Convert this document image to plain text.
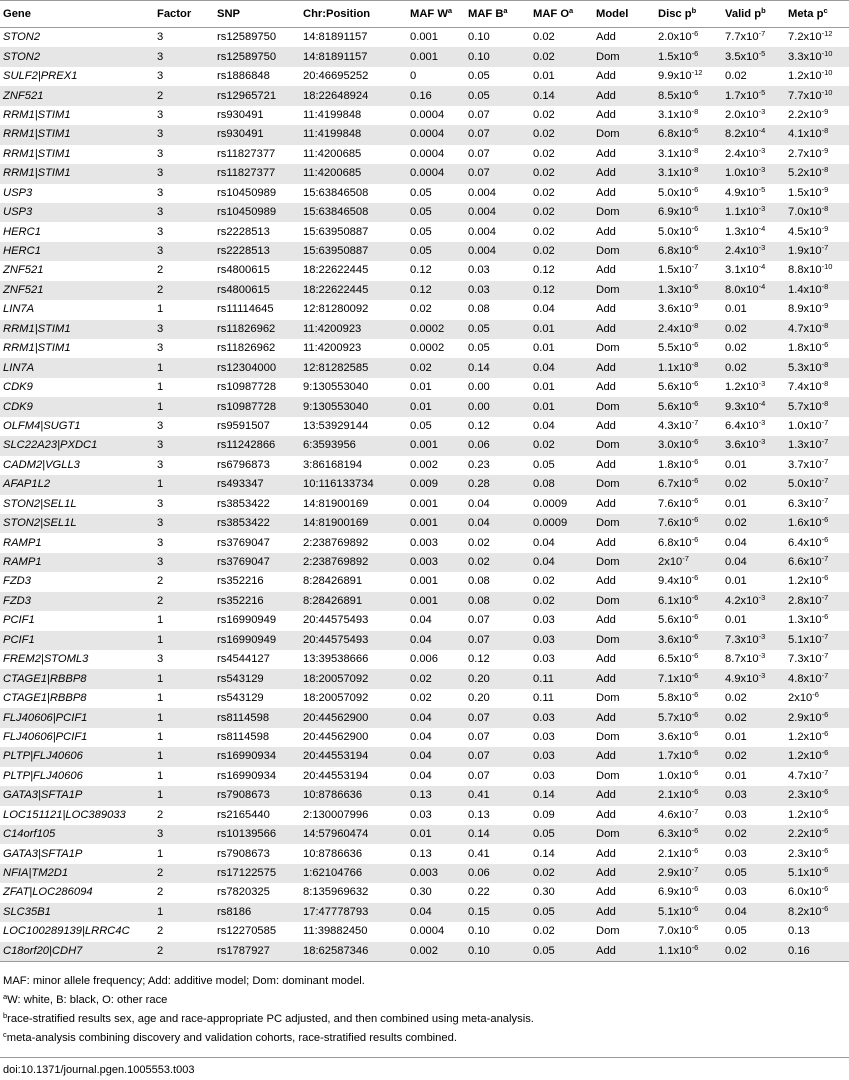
Gene	Factor	SNP	Chr:Position	MAF $W^a$	MAF $B^a$	MAF $O^a$	Model	Disc $p^b$	Valid $p^b$	Meta $p^c$
STON2	3	rs12589750	14:81891157	0.001	0.10	0.02	Add	$2.0x10^{-6}$	$7.7x10^{-7}$	$7.2x10^{-12}$
STON2	3	rs12589750	14:81891157	0.001	0.10	0.02	Dom	$1.5x10^{-6}$	$3.5x10^{-5}$	$3.3x10^{-10}$
SULF2|PREX1	3	rs1886848	20:46695252	0	0.05	0.01	Add	$9.9x10^{-12}$	0.02	$1.2x10^{-10}$
ZNF521	2	rs12965721	18:22648924	0.16	0.05	0.14	Add	$8.5x10^{-6}$	$1.7x10^{-5}$	$7.7x10^{-10}$
RRM1|STIM1	3	rs930491	11:4199848	0.0004	0.07	0.02	Add	$3.1x10^{-8}$	$2.0x10^{-3}$	$2.2x10^{-9}$
RRM1|STIM1	3	rs930491	11:4199848	0.0004	0.07	0.02	Dom	$6.8x10^{-6}$	$8.2x10^{-4}$	$4.1x10^{-8}$
RRM1|STIM1	3	rs11827377	11:4200685	0.0004	0.07	0.02	Add	$3.1x10^{-8}$	$2.4x10^{-3}$	$2.7x10^{-9}$
RRM1|STIM1	3	rs11827377	11:4200685	0.0004	0.07	0.02	Add	$3.1x10^{-8}$	$1.0x10^{-3}$	$5.2x10^{-8}$
USP3	3	rs10450989	15:63846508	0.05	0.004	0.02	Add	$5.0x10^{-6}$	$4.9x10^{-5}$	$1.5x10^{-9}$
USP3	3	rs10450989	15:63846508	0.05	0.004	0.02	Dom	$6.9x10^{-6}$	$1.1x10^{-3}$	$7.0x10^{-8}$
HERC1	3	rs2228513	15:63950887	0.05	0.004	0.02	Add	$5.0x10^{-6}$	$1.3x10^{-4}$	$4.5x10^{-9}$
HERC1	3	rs2228513	15:63950887	0.05	0.004	0.02	Dom	$6.8x10^{-6}$	$2.4x10^{-3}$	$1.9x10^{-7}$
ZNF521	2	rs4800615	18:22622445	0.12	0.03	0.12	Add	$1.5x10^{-7}$	$3.1x10^{-4}$	$8.8x10^{-10}$
ZNF521	2	rs4800615	18:22622445	0.12	0.03	0.12	Dom	$1.3x10^{-6}$	$8.0x10^{-4}$	$1.4x10^{-8}$
LIN7A	1	rs11114645	12:81280092	0.02	0.08	0.04	Add	$3.6x10^{-9}$	0.01	$8.9x10^{-9}$
RRM1|STIM1	3	rs11826962	11:4200923	0.0002	0.05	0.01	Add	$2.4x10^{-8}$	0.02	$4.7x10^{-8}$
RRM1|STIM1	3	rs11826962	11:4200923	0.0002	0.05	0.01	Dom	$5.5x10^{-6}$	0.02	$1.8x10^{-6}$
LIN7A	1	rs12304000	12:81282585	0.02	0.14	0.04	Add	$1.1x10^{-8}$	0.02	$5.3x10^{-8}$
CDK9	1	rs10987728	9:130553040	0.01	0.00	0.01	Add	$5.6x10^{-6}$	$1.2x10^{-3}$	$7.4x10^{-8}$
CDK9	1	rs10987728	9:130553040	0.01	0.00	0.01	Dom	$5.6x10^{-6}$	$9.3x10^{-4}$	$5.7x10^{-8}$
OLFM4|SUGT1	3	rs9591507	13:53929144	0.05	0.12	0.04	Add	$4.3x10^{-7}$	$6.4x10^{-3}$	$1.0x10^{-7}$
SLC22A23|PXDC1	3	rs11242866	6:3593956	0.001	0.06	0.02	Dom	$3.0x10^{-6}$	$3.6x10^{-3}$	$1.3x10^{-7}$
CADM2|VGLL3	3	rs6796873	3:86168194	0.002	0.23	0.05	Add	$1.8x10^{-6}$	0.01	$3.7x10^{-7}$
AFAP1L2	1	rs493347	10:116133734	0.009	0.28	0.08	Dom	$6.7x10^{-6}$	0.02	$5.0x10^{-7}$
STON2|SEL1L	3	rs3853422	14:81900169	0.001	0.04	0.0009	Add	$7.6x10^{-6}$	0.01	$6.3x10^{-7}$
STON2|SEL1L	3	rs3853422	14:81900169	0.001	0.04	0.0009	Dom	$7.6x10^{-6}$	0.02	$1.6x10^{-6}$
RAMP1	3	rs3769047	2:238769892	0.003	0.02	0.04	Add	$6.8x10^{-6}$	0.04	$6.4x10^{-6}$
RAMP1	3	rs3769047	2:238769892	0.003	0.02	0.04	Dom	$2x10^{-7}$	0.04	$6.6x10^{-7}$
FZD3	2	rs352216	8:28426891	0.001	0.08	0.02	Add	$9.4x10^{-6}$	0.01	$1.2x10^{-6}$
FZD3	2	rs352216	8:28426891	0.001	0.08	0.02	Dom	$6.1x10^{-6}$	$4.2x10^{-3}$	$2.8x10^{-7}$
PCIF1	1	rs16990949	20:44575493	0.04	0.07	0.03	Add	$5.6x10^{-6}$	0.01	$1.3x10^{-6}$
PCIF1	1	rs16990949	20:44575493	0.04	0.07	0.03	Dom	$3.6x10^{-6}$	$7.3x10^{-3}$	$5.1x10^{-7}$
FREM2|STOML3	3	rs4544127	13:39538666	0.006	0.12	0.03	Add	$6.5x10^{-6}$	$8.7x10^{-3}$	$7.3x10^{-7}$
CTAGE1|RBBP8	1	rs543129	18:20057092	0.02	0.20	0.11	Add	$7.1x10^{-6}$	$4.9x10^{-3}$	$4.8x10^{-7}$
CTAGE1|RBBP8	1	rs543129	18:20057092	0.02	0.20	0.11	Dom	$5.8x10^{-6}$	0.02	$2x10^{-6}$
FLJ40606|PCIF1	1	rs8114598	20:44562900	0.04	0.07	0.03	Add	$5.7x10^{-6}$	0.02	$2.9x10^{-6}$
FLJ40606|PCIF1	1	rs8114598	20:44562900	0.04	0.07	0.03	Dom	$3.6x10^{-6}$	0.01	$1.2x10^{-6}$
PLTP|FLJ40606	1	rs16990934	20:44553194	0.04	0.07	0.03	Add	$1.7x10^{-6}$	0.02	$1.2x10^{-6}$
PLTP|FLJ40606	1	rs16990934	20:44553194	0.04	0.07	0.03	Dom	$1.0x10^{-6}$	0.01	$4.7x10^{-7}$
GATA3|SFTA1P	1	rs7908673	10:8786636	0.13	0.41	0.14	Add	$2.1x10^{-6}$	0.03	$2.3x10^{-6}$
LOC151121|LOC389033	2	rs2165440	2:130007996	0.03	0.13	0.09	Add	$4.6x10^{-7}$	0.03	$1.2x10^{-6}$
C14orf105	3	rs10139566	14:57960474	0.01	0.14	0.05	Dom	$6.3x10^{-6}$	0.02	$2.2x10^{-6}$
GATA3|SFTA1P	1	rs7908673	10:8786636	0.13	0.41	0.14	Add	$2.1x10^{-6}$	0.03	$2.3x10^{-6}$
NFIA|TM2D1	2	rs17122575	1:62104766	0.003	0.06	0.02	Add	$2.9x10^{-7}$	0.05	$5.1x10^{-6}$
ZFAT|LOC286094	2	rs7820325	8:135969632	0.30	0.22	0.30	Add	$6.9x10^{-6}$	0.03	$6.0x10^{-6}$
SLC35B1	1	rs8186	17:47778793	0.04	0.15	0.05	Add	$5.1x10^{-6}$	0.04	$8.2x10^{-6}$
LOC100289139|LRRC4C	2	rs12270585	11:39882450	0.0004	0.10	0.02	Dom	$7.0x10^{-6}$	0.05	0.13
C18orf20|CDH7	2	rs1787927	18:62587346	0.002	0.10	0.05	Add	$1.1x10^{-6}$	0.02	0.16

MAF: minor allele frequency; Add: additive model; Dom: dominant model.

$^a$W: white, B: black, O: other race

$^b$race-stratified results sex, age and race-appropriate PC adjusted, and then combined using meta-analysis.

$^c$meta-analysis combining discovery and validation cohorts, race-stratified results combined.

doi:10.1371/journal.pgen.1005553.t003
